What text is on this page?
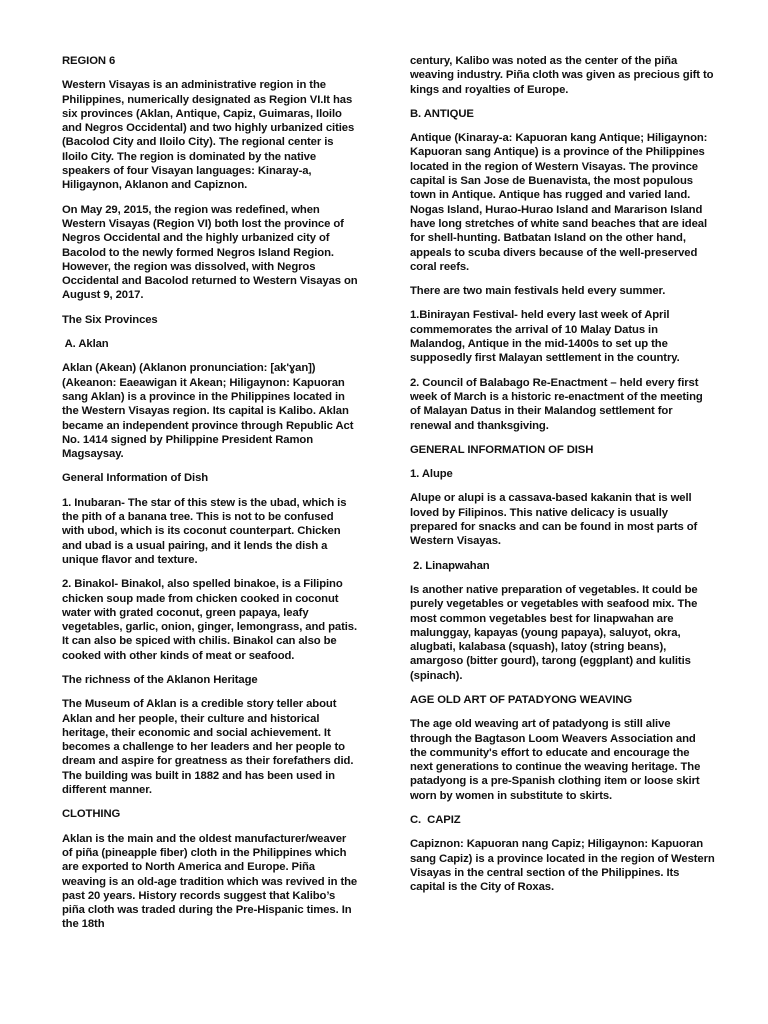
REGION 6

Western Visayas is an administrative region in the Philippines, numerically designated as Region VI.It has six provinces (Aklan, Antique, Capiz, Guimaras, Iloilo and Negros Occidental) and two highly urbanized cities (Bacolod City and Iloilo City). The regional center is Iloilo City. The region is dominated by the native speakers of four Visayan languages: Kinaray-a, Hiligaynon, Aklanon and Capiznon.

On May 29, 2015, the region was redefined, when Western Visayas (Region VI) both lost the province of Negros Occidental and the highly urbanized city of Bacolod to the newly formed Negros Island Region. However, the region was dissolved, with Negros Occidental and Bacolod returned to Western Visayas on August 9, 2017.

The Six Provinces
A. Aklan

Aklan (Akean) (Aklanon pronunciation: [ak'ɣan]) (Akeanon: Eaeawigan it Akean; Hiligaynon: Kapuoran sang Aklan) is a province in the Philippines located in the Western Visayas region. Its capital is Kalibo. Aklan became an independent province through Republic Act No. 1414 signed by Philippine President Ramon Magsaysay.

General Information of Dish

1. Inubaran- The star of this stew is the ubad, which is the pith of a banana tree. This is not to be confused with ubod, which is its coconut counterpart. Chicken and ubad is a usual pairing, and it lends the dish a unique flavor and texture.

2. Binakol- Binakol, also spelled binakoe, is a Filipino chicken soup made from chicken cooked in coconut water with grated coconut, green papaya, leafy vegetables, garlic, onion, ginger, lemongrass, and patis. It can also be spiced with chilis. Binakol can also be cooked with other kinds of meat or seafood.

The richness of the Aklanon Heritage

The Museum of Aklan is a credible story teller about Aklan and her people, their culture and historical heritage, their economic and social achievement. It becomes a challenge to her leaders and her people to dream and aspire for greatness as their forefathers did. The building was built in 1882 and has been used in different manner.

CLOTHING

Aklan is the main and the oldest manufacturer/weaver of piña (pineapple fiber) cloth in the Philippines which are exported to North America and Europe. Piña weaving is an old-age tradition which was revived in the past 20 years. History records suggest that Kalibo’s piña cloth was traded during the Pre-Hispanic times. In the 18th

century, Kalibo was noted as the center of the piña weaving industry. Piña cloth was given as precious gift to kings and royalties of Europe.

B. ANTIQUE

Antique (Kinaray-a: Kapuoran kang Antique; Hiligaynon: Kapuoran sang Antique) is a province of the Philippines located in the region of Western Visayas. The province capital is San Jose de Buenavista, the most populous town in Antique. Antique has rugged and varied land. Nogas Island, Hurao-Hurao Island and Mararison Island have long stretches of white sand beaches that are ideal for shell-hunting. Batbatan Island on the other hand, appeals to scuba divers because of the well-preserved coral reefs.

There are two main festivals held every summer.

1.Binirayan Festival- held every last week of April commemorates the arrival of 10 Malay Datus in Malandog, Antique in the mid-1400s to set up the supposedly first Malayan settlement in the country.

2. Council of Balabago Re-Enactment – held every first week of March is a historic re-enactment of the meeting of Malayan Datus in their Malandog settlement for renewal and thanksgiving.

GENERAL INFORMATION OF DISH
1. Alupe

Alupe or alupi is a cassava-based kakanin that is well loved by Filipinos. This native delicacy is usually prepared for snacks and can be found in most parts of Western Visayas.

2. Linapwahan

Is another native preparation of vegetables. It could be purely vegetables or vegetables with seafood mix. The most common vegetables best for linapwahan are malunggay, kapayas (young papaya), saluyot, okra, alugbati, kalabasa (squash), latoy (string beans), amargoso (bitter gourd), tarong (eggplant) and kulitis (spinach).

AGE OLD ART OF PATADYONG WEAVING

The age old weaving art of patadyong is still alive through the Bagtason Loom Weavers Association and the community's effort to educate and encourage the next generations to continue the weaving heritage. The patadyong is a pre-Spanish clothing item or loose skirt worn by women in substitute to skirts.

C.  CAPIZ

Capiznon: Kapuoran nang Capiz; Hiligaynon: Kapuoran sang Capiz) is a province located in the region of Western Visayas in the central section of the Philippines. Its capital is the City of Roxas.
